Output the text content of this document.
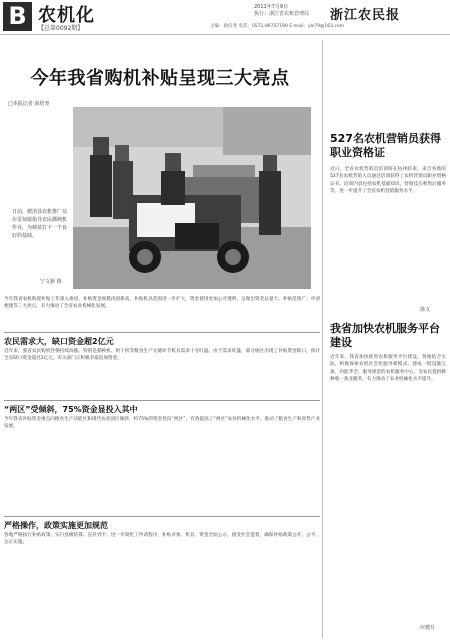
B 农机化
【总第0092期】
2011年7月9日
执行：浙江省农机管理局 浙江农民报
主编：俞培尧 电话：0571-86757190 E-mail：yls79@163.com
今年我省购机补贴呈现三大亮点
□本报记者 俞培尧
日前，德清县农机推广站在雷甸镇指导农民插秧机作业，为秧苗打下一个良好的基础。
宁文新 摄
今年我省农机购置补贴工作深入推进，补贴资金规模再创新高，补贴机具范围进一步扩大，资金使用更加公开透明，呈现出资金总量大、补贴范围广、申请便捷等三大亮点，有力推动了全省农业机械化发展。
农民需求大，缺口资金超2亿元
近年来，我省农民购机热情持续高涨，特别是插秧机、烘干机等粮食生产关键环节机具需求十分旺盛。由于需求旺盛，部分地区出现了补贴资金缺口，预计全省缺口资金超过2亿元，有关部门正积极争取追加资金。
“两区”受倾斜，75%资金显投入其中
今年我省补贴资金重点向粮食生产功能区和现代农业园区倾斜，约75%的资金投向“两区”，有效提高了“两区”农业机械化水平，推动了粮食生产和优势产业发展。
严格操作，政策实施更加规范
各地严格执行补贴政策，实行县级结算、直补到卡，进一步简化了申请程序，补贴对象、机具、资金全面公示，接受社会监督，确保补贴政策公开、公平、公正实施。
527名农机营销员获得职业资格证
近日，全省农机营销员培训班在杭州结束，来自各地的527名农机营销人员通过培训获得了农机营销员职业资格证书。培训内容包括农机基础知识、营销技巧和售后服务等，进一步提升了全省农机营销服务水平。
徐文
我省加快农机服务平台建设
近年来，我省加快推进农机服务平台建设，各地结合实际，积极探索农机社会化服务新模式，建成一批设施完备、功能齐全、服务规范的农机服务中心，为农民提供耕种收一条龙服务，有力推动了农业机械化水平提升。
应德月
